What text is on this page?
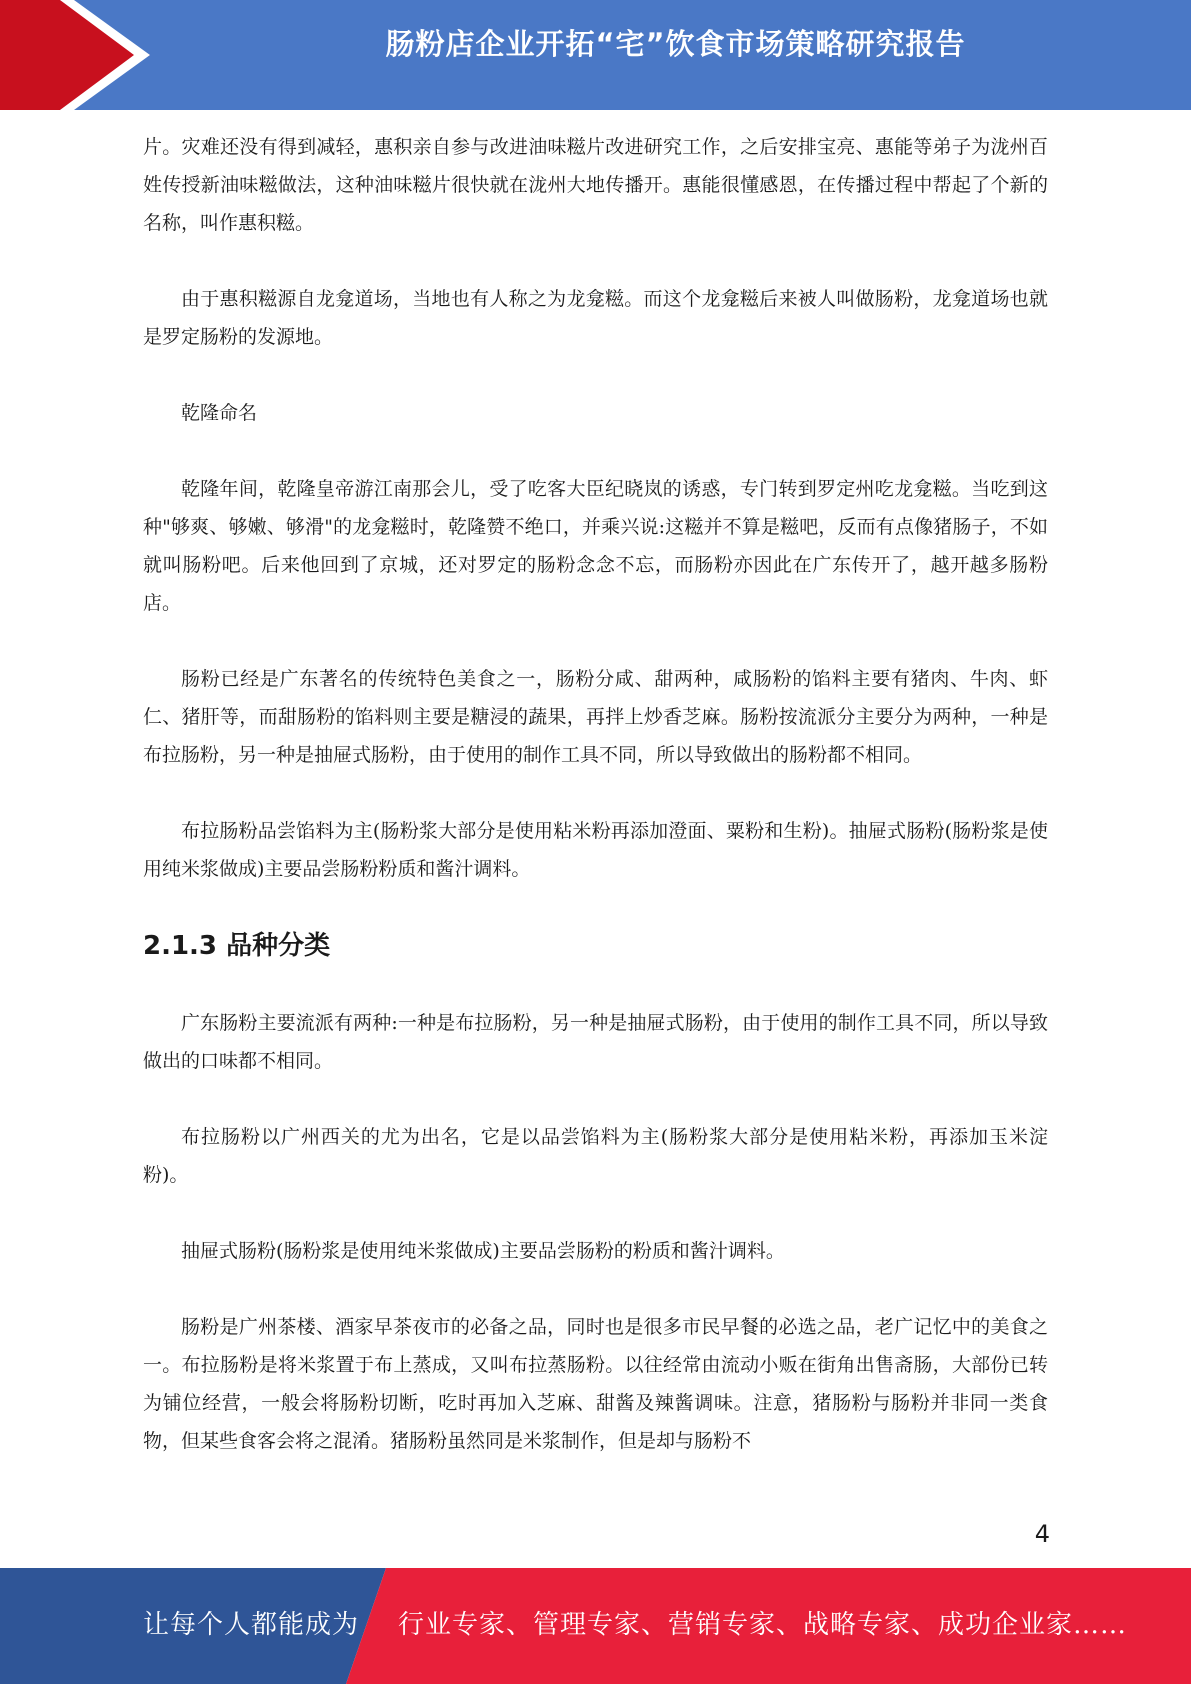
肠粉店企业开拓“宅”饮食市场策略研究报告

片。灾难还没有得到减轻，惠积亲自参与改进油味糍片改进研究工作，之后安排宝亮、惠能等弟子为泷州百姓传授新油味糍做法，这种油味糍片很快就在泷州大地传播开。惠能很懂感恩，在传播过程中帮起了个新的名称，叫作惠积糍。

由于惠积糍源自龙龛道场，当地也有人称之为龙龛糍。而这个龙龛糍后来被人叫做肠粉，龙龛道场也就是罗定肠粉的发源地。

乾隆命名

乾隆年间，乾隆皇帝游江南那会儿，受了吃客大臣纪晓岚的诱惑，专门转到罗定州吃龙龛糍。当吃到这种"够爽、够嫩、够滑"的龙龛糍时，乾隆赞不绝口，并乘兴说:这糍并不算是糍吧，反而有点像猪肠子，不如就叫肠粉吧。后来他回到了京城，还对罗定的肠粉念念不忘，而肠粉亦因此在广东传开了，越开越多肠粉店。

肠粉已经是广东著名的传统特色美食之一，肠粉分咸、甜两种，咸肠粉的馅料主要有猪肉、牛肉、虾仁、猪肝等，而甜肠粉的馅料则主要是糖浸的蔬果，再拌上炒香芝麻。肠粉按流派分主要分为两种，一种是布拉肠粉，另一种是抽屉式肠粉，由于使用的制作工具不同，所以导致做出的肠粉都不相同。

布拉肠粉品尝馅料为主(肠粉浆大部分是使用粘米粉再添加澄面、粟粉和生粉)。抽屉式肠粉(肠粉浆是使用纯米浆做成)主要品尝肠粉粉质和酱汁调料。

2.1.3 品种分类

广东肠粉主要流派有两种:一种是布拉肠粉，另一种是抽屉式肠粉，由于使用的制作工具不同，所以导致做出的口味都不相同。

布拉肠粉以广州西关的尤为出名，它是以品尝馅料为主(肠粉浆大部分是使用粘米粉，再添加玉米淀粉)。

抽屉式肠粉(肠粉浆是使用纯米浆做成)主要品尝肠粉的粉质和酱汁调料。

肠粉是广州茶楼、酒家早茶夜市的必备之品，同时也是很多市民早餐的必选之品，老广记忆中的美食之一。布拉肠粉是将米浆置于布上蒸成，又叫布拉蒸肠粉。以往经常由流动小贩在街角出售斋肠，大部份已转为铺位经营，一般会将肠粉切断，吃时再加入芝麻、甜酱及辣酱调味。注意，猪肠粉与肠粉并非同一类食物，但某些食客会将之混淆。猪肠粉虽然同是米浆制作，但是却与肠粉不

4
让每个人都能成为 行业专家、管理专家、营销专家、战略专家、成功企业家……
